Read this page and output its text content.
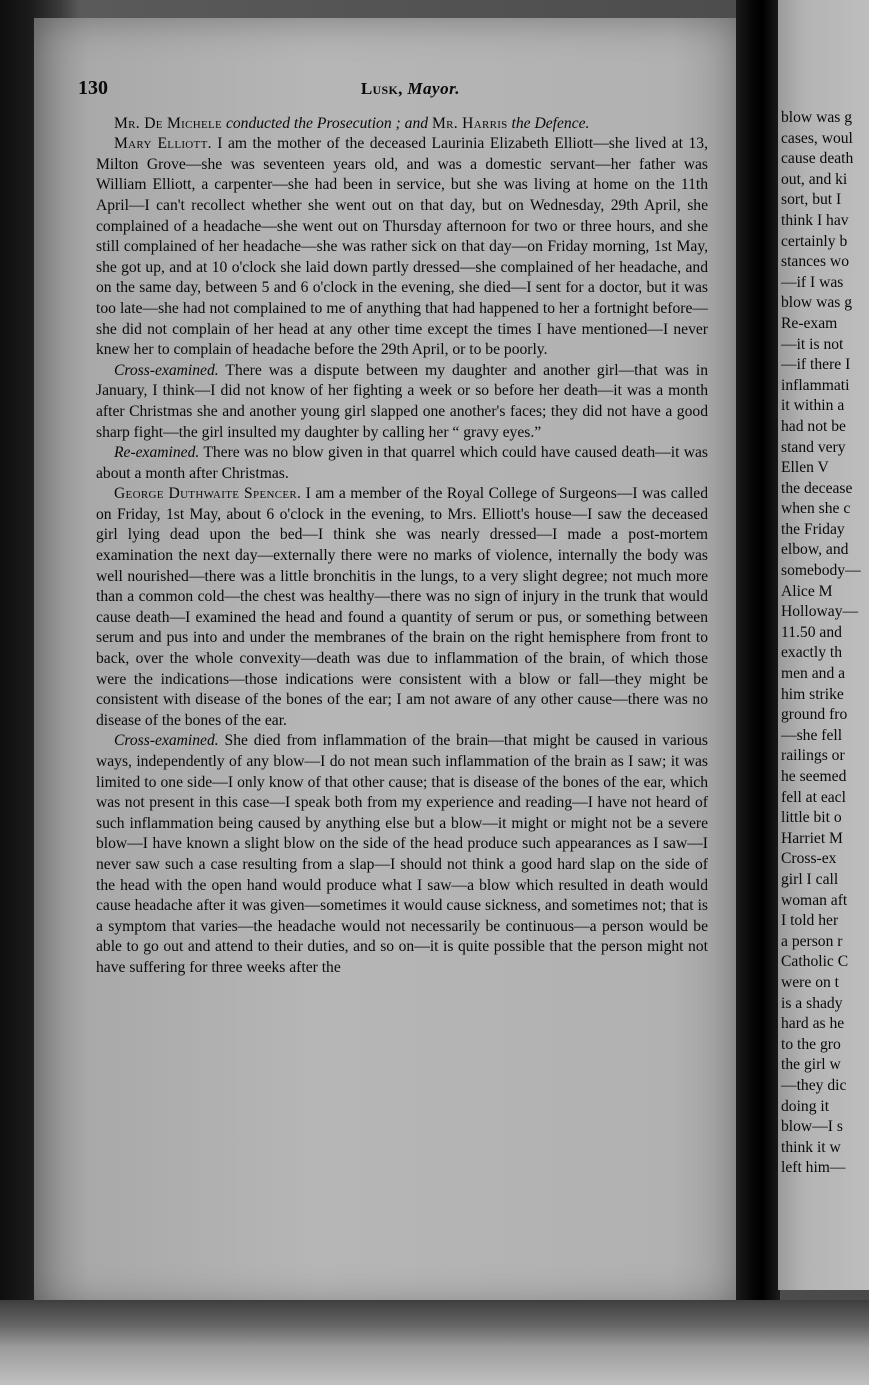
130	Lusk, Mayor.

Mr. De Michele conducted the Prosecution ; and Mr. Harris the Defence.

Mary Elliott. I am the mother of the deceased Laurinia Elizabeth Elliott—she lived at 13, Milton Grove—she was seventeen years old, and was a domestic servant—her father was William Elliott, a carpenter—she had been in service, but she was living at home on the 11th April—I can't recollect whether she went out on that day, but on Wednesday, 29th April, she complained of a headache—she went out on Thursday afternoon for two or three hours, and she still complained of her headache—she was rather sick on that day—on Friday morning, 1st May, she got up, and at 10 o'clock she laid down partly dressed—she complained of her headache, and on the same day, between 5 and 6 o'clock in the evening, she died—I sent for a doctor, but it was too late—she had not complained to me of anything that had happened to her a fortnight before—she did not complain of her head at any other time except the times I have mentioned—I never knew her to complain of headache before the 29th April, or to be poorly.

Cross-examined. There was a dispute between my daughter and another girl—that was in January, I think—I did not know of her fighting a week or so before her death—it was a month after Christmas she and another young girl slapped one another's faces; they did not have a good sharp fight—the girl insulted my daughter by calling her “ gravy eyes.”

Re-examined. There was no blow given in that quarrel which could have caused death—it was about a month after Christmas.

George Duthwaite Spencer. I am a member of the Royal College of Surgeons—I was called on Friday, 1st May, about 6 o'clock in the evening, to Mrs. Elliott's house—I saw the deceased girl lying dead upon the bed—I think she was nearly dressed—I made a post-mortem examination the next day—externally there were no marks of violence, internally the body was well nourished—there was a little bronchitis in the lungs, to a very slight degree; not much more than a common cold—the chest was healthy—there was no sign of injury in the trunk that would cause death—I examined the head and found a quantity of serum or pus, or something between serum and pus into and under the membranes of the brain on the right hemisphere from front to back, over the whole convexity—death was due to inflammation of the brain, of which those were the indications—those indications were consistent with a blow or fall—they might be consistent with disease of the bones of the ear; I am not aware of any other cause—there was no disease of the bones of the ear.

Cross-examined. She died from inflammation of the brain—that might be caused in various ways, independently of any blow—I do not mean such inflammation of the brain as I saw; it was limited to one side—I only know of that other cause; that is disease of the bones of the ear, which was not present in this case—I speak both from my experience and reading—I have not heard of such inflammation being caused by anything else but a blow—it might or might not be a severe blow—I have known a slight blow on the side of the head produce such appearances as I saw—I never saw such a case resulting from a slap—I should not think a good hard slap on the side of the head with the open hand would produce what I saw—a blow which resulted in death would cause headache after it was given—sometimes it would cause sickness, and sometimes not; that is a symptom that varies—the headache would not necessarily be continuous—a person would be able to go out and attend to their duties, and so on—it is quite possible that the person might not have suffering for three weeks after the

blow was g
cases, woul
cause death
out, and ki
sort, but I
think I hav
certainly b
stances wo
—if I was
blow was g
Re-exam
—it is not
—if there I
inflammati
it within a
had not be
stand very
Ellen V
the decease
when she c
the Friday
elbow, and
somebody—
Alice M
Holloway—
11.50 and
exactly th
men and a
him strike
ground fro
—she fell
railings or
he seemed
fell at eacl
little bit o
Harriet M
Cross-ex
girl I call
woman aft
I told her
a person r
Catholic C
were on t
is a shady
hard as he
to the gro
the girl w
—they dic
doing it
blow—I s
think it w
left him—
